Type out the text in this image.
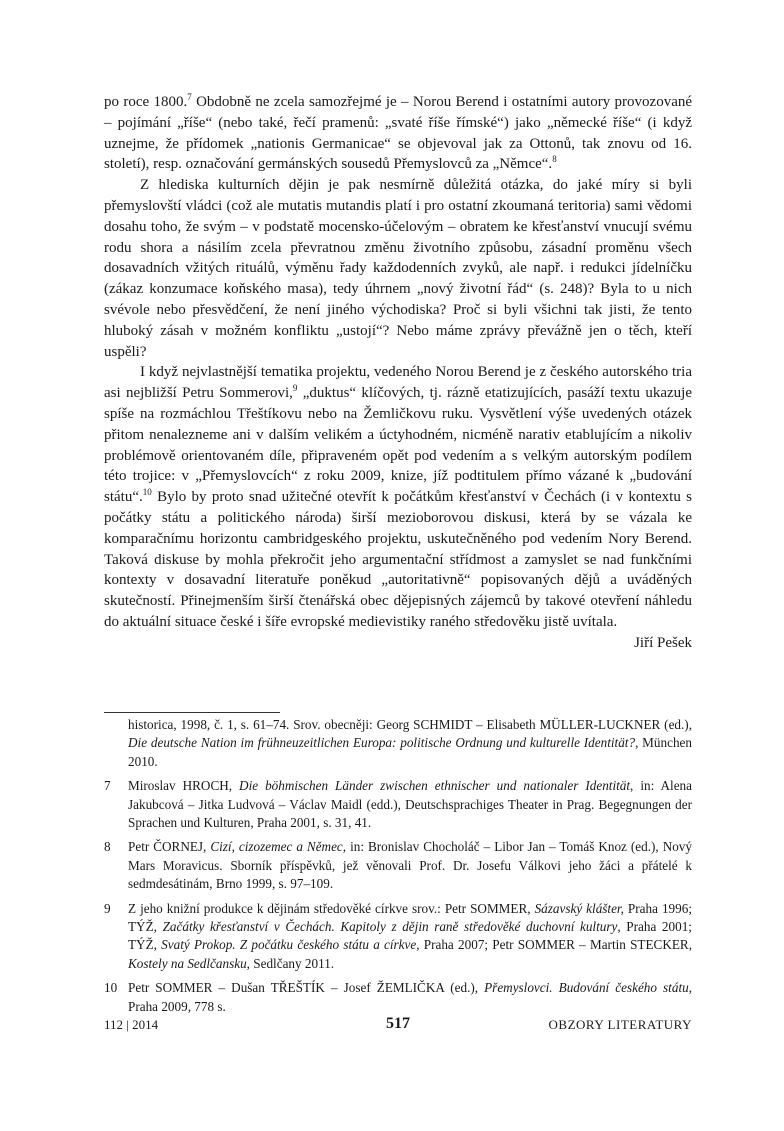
po roce 1800.$^7$ Obdobně ne zcela samozřejmé je – Norou Berend i ostatními autory provozované – pojímání „říše“ (nebo také, řečí pramenů: „svaté říše římské“) jako „německé říše“ (i když uznejme, že přídomek „nationis Germanicae“ se objevoval jak za Ottonů, tak znovu od 16. století), resp. označování germánských sousedů Přemyslovců za „Němce“.$^8$

Z hlediska kulturních dějin je pak nesmírně důležitá otázka, do jaké míry si byli přemyslovští vládci (což ale mutatis mutandis platí i pro ostatní zkoumaná teritoria) sami vědomi dosahu toho, že svým – v podstatě mocensko-účelovým – obratem ke křesťanství vnucují svému rodu shora a násilím zcela převratnou změnu životního způsobu, zásadní proměnu všech dosavadních vžitých rituálů, výměnu řady každodenních zvyků, ale např. i redukci jídelníčku (zákaz konzumace koňského masa), tedy úhrnem „nový životní řád“ (s. 248)? Byla to u nich svévole nebo přesvědčení, že není jiného východiska? Proč si byli všichni tak jisti, že tento hluboký zásah v možném konfliktu „ustojí“? Nebo máme zprávy převážně jen o těch, kteří uspěli?

I když nejvlastnější tematika projektu, vedeného Norou Berend je z českého autorského tria asi nejbližší Petru Sommerovi,$^9$ „duktus“ klíčových, tj. rázně etatizujících, pasáží textu ukazuje spíše na rozmáchlou Třeštíkovu nebo na Žemličkovu ruku. Vysvětlení výše uvedených otázek přitom nenalezneme ani v dalším velikém a úctyhodném, nicméně narativ etablujícím a nikoliv problémově orientovaném díle, připraveném opět pod vedením a s velkým autorským podílem této trojice: v „Přemyslovcích“ z roku 2009, knize, jíž podtitulem přímo vázané k „budování státu“.$^{10}$ Bylo by proto snad užitečné otevřít k počátkům křesťanství v Čechách (i v kontextu s počátky státu a politického národa) širší mezioborovou diskusi, která by se vázala ke komparačnímu horizontu cambridgeského projektu, uskutečněného pod vedením Nory Berend. Taková diskuse by mohla překročit jeho argumentační střídmost a zamyslet se nad funkčními kontexty v dosavadní literatuře poněkud „autoritativně“ popisovaných dějů a uváděných skutečností. Přinejmenším širší čtenářská obec dějepisných zájemců by takové otevření náhledu do aktuální situace české i šíře evropské medievistiky raného středověku jistě uvítala.

Jiří Pešek

historica, 1998, č. 1, s. 61–74. Srov. obecněji: Georg SCHMIDT – Elisabeth MÜLLER-LUCKNER (ed.), Die deutsche Nation im frühneuzeitlichen Europa: politische Ordnung und kulturelle Identität?, München 2010.
7	Miroslav HROCH, Die böhmischen Länder zwischen ethnischer und nationaler Identität, in: Alena Jakubcová – Jitka Ludvová – Václav Maidl (edd.), Deutschsprachiges Theater in Prag. Begegnungen der Sprachen und Kulturen, Praha 2001, s. 31, 41.
8	Petr ČORNEJ, Cizí, cizozemec a Němec, in: Bronislav Chocholáč – Libor Jan – Tomáš Knoz (ed.), Nový Mars Moravicus. Sborník příspěvků, jež věnovali Prof. Dr. Josefu Válkovi jeho žáci a přátelé k sedmdesátinám, Brno 1999, s. 97–109.
9	Z jeho knižní produkce k dějinám středověké církve srov.: Petr SOMMER, Sázavský klášter, Praha 1996; TÝŽ, Začátky křesťanství v Čechách. Kapitoly z dějin raně středověké duchovní kultury, Praha 2001; TÝŽ, Svatý Prokop. Z počátku českého státu a církve, Praha 2007; Petr SOMMER – Martin STECKER, Kostely na Sedlčansku, Sedlčany 2011.
10 Petr SOMMER – Dušan TŘEŠTÍK – Josef ŽEMLIČKA (ed.), Přemyslovci. Budování českého státu, Praha 2009, 778 s.
112 | 2014	517	OBZORY LITERATURY
